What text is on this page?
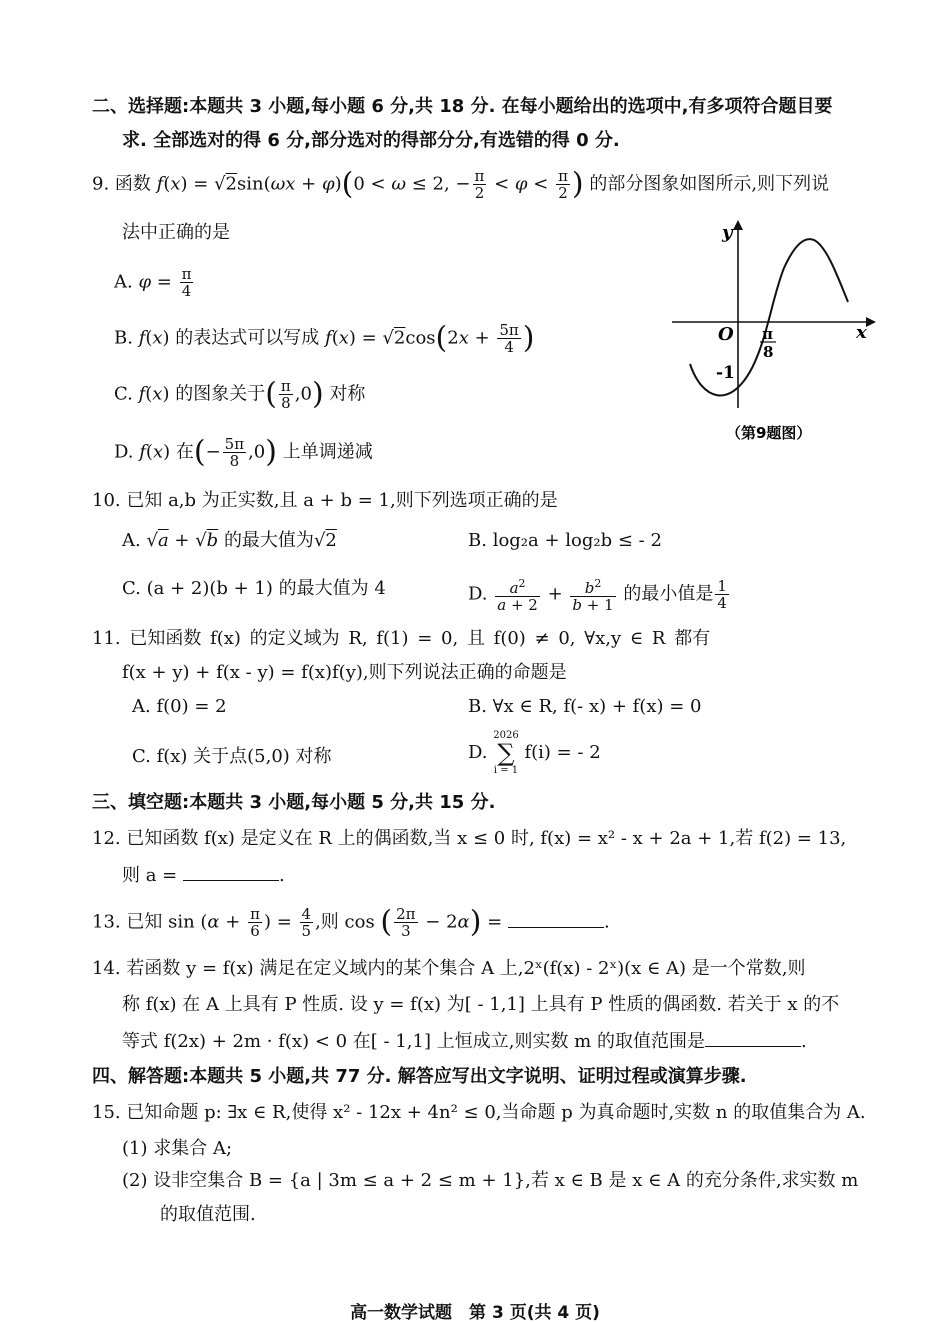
二、选择题:本题共 3 小题,每小题 6 分,共 18 分. 在每小题给出的选项中,有多项符合题目要
求. 全部选对的得 6 分,部分选对的得部分分,有选错的得 0 分.
9. 函数 f(x) = √2sin(ωx + φ)(0 < ω ≤ 2, − $\frac{\pi}{2} < \varphi < \frac{\pi}{2}$ ) 的部分图象如图所示,则下列说
法中正确的是
A. $\varphi = \frac{\pi}{4}$
B. f(x) 的表达式可以写成 $f(x) = √2\cos(2x + \frac{5\pi}{4}$ )
C. f(x) 的图象关于( $\frac{\pi}{8} ,0$) 对称
D. f(x) 在(− $\frac{5\pi}{8} ,0$) 上单调递减
y
x
O
-1
π
8
（第9题图）
10. 已知 a,b 为正实数,且 a + b = 1,则下列选项正确的是
A. √a + √b 的最大值为√2	B. log₂a + log₂b ≤ - 2
C. (a + 2)(b + 1) 的最大值为 4	D. $\frac{a^2}{a + 2} + \frac{b^2}{b + 1}$ 的最小值是 $\frac{1}{4}$
11. 已知函数 f(x) 的定义域为 R, f(1) = 0, 且 f(0) ≠ 0, ∀x,y ∈ R 都有
f(x + y) + f(x - y) = f(x)f(y),则下列说法正确的命题是
A. f(0) = 2	B. ∀x ∈ R, f(- x) + f(x) = 0
C. f(x) 关于点(5,0) 对称	D. 2026
∑
i = 1 f(i) = - 2
三、填空题:本题共 3 小题,每小题 5 分,共 15 分.
12. 已知函数 f(x) 是定义在 R 上的偶函数,当 x ≤ 0 时, f(x) = x² - x + 2a + 1,若 f(2) = 13,
则 a =	.
13. 已知 $\sin (\alpha + \frac{\pi}{6}$ ) = $\frac{4}{5}$ ,则 cos ( $\frac{2\pi}{3} - 2\alpha$) =	.
14. 若函数 y = f(x) 满足在定义域内的某个集合 A 上,2ˣ(f(x) - 2ˣ)(x ∈ A) 是一个常数,则
称 f(x) 在 A 上具有 P 性质. 设 y = f(x) 为[ - 1,1] 上具有 P 性质的偶函数. 若关于 x 的不
等式 f(2x) + 2m · f(x) < 0 在[ - 1,1] 上恒成立,则实数 m 的取值范围是	.
四、解答题:本题共 5 小题,共 77 分. 解答应写出文字说明、证明过程或演算步骤.
15. 已知命题 p: ∃x ∈ R,使得 x² - 12x + 4n² ≤ 0,当命题 p 为真命题时,实数 n 的取值集合为 A.
(1) 求集合 A;
(2) 设非空集合 B = {a | 3m ≤ a + 2 ≤ m + 1},若 x ∈ B 是 x ∈ A 的充分条件,求实数 m
的取值范围.
高一数学试题　第 3 页(共 4 页)
